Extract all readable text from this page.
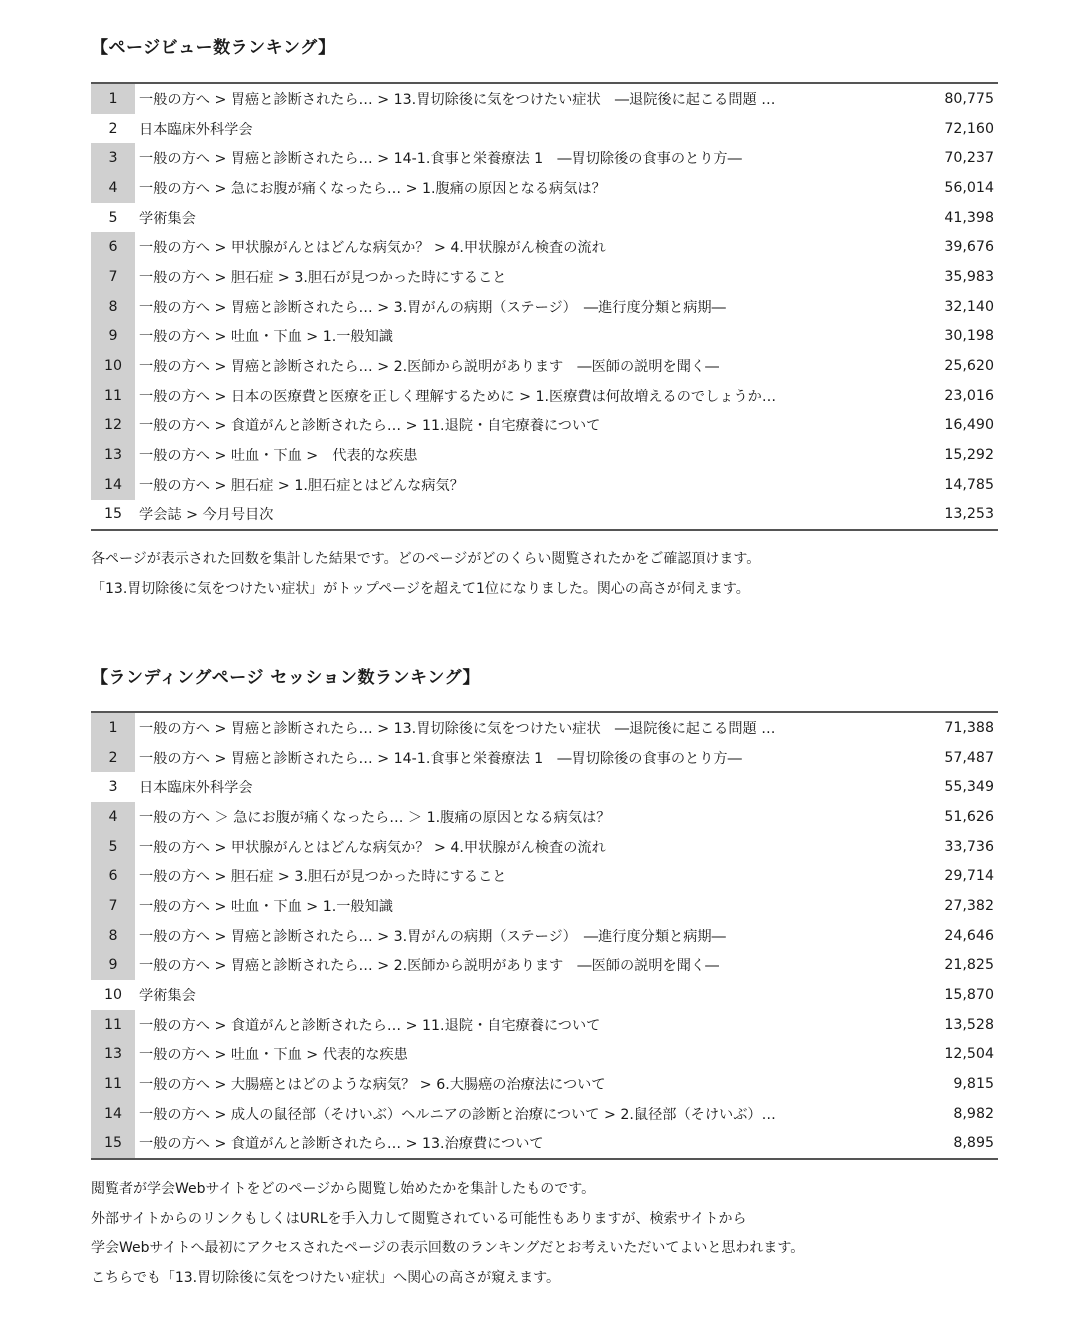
【ページビュー数ランキング】
1	一般の方へ > 胃癌と診断されたら… > 13.胃切除後に気をつけたい症状　―退院後に起こる問題 …	80,775
2	日本臨床外科学会	72,160
3	一般の方へ > 胃癌と診断されたら… > 14-1.食事と栄養療法 1　―胃切除後の食事のとり方―	70,237
4	一般の方へ > 急にお腹が痛くなったら… > 1.腹痛の原因となる病気は？	56,014
5	学術集会	41,398
6	一般の方へ > 甲状腺がんとはどんな病気か？ > 4.甲状腺がん検査の流れ	39,676
7	一般の方へ > 胆石症 > 3.胆石が見つかった時にすること	35,983
8	一般の方へ > 胃癌と診断されたら… > 3.胃がんの病期（ステージ）　―進行度分類と病期―	32,140
9	一般の方へ > 吐血・下血 > 1.一般知識	30,198
10	一般の方へ > 胃癌と診断されたら… > 2.医師から説明があります　―医師の説明を聞く―	25,620
11	一般の方へ > 日本の医療費と医療を正しく理解するために > 1.医療費は何故増えるのでしょうか…	23,016
12	一般の方へ > 食道がんと診断されたら… > 11.退院・自宅療養について	16,490
13	一般の方へ > 吐血・下血 >　代表的な疾患	15,292
14	一般の方へ > 胆石症 > 1.胆石症とはどんな病気？	14,785
15	学会誌 > 今月号目次	13,253
各ページが表示された回数を集計した結果です。どのページがどのくらい閲覧されたかをご確認頂けます。
「13.胃切除後に気をつけたい症状」がトップページを超えて1位になりました。関心の高さが伺えます。
【ランディングページ セッション数ランキング】
1	一般の方へ > 胃癌と診断されたら… > 13.胃切除後に気をつけたい症状　―退院後に起こる問題 …	71,388
2	一般の方へ > 胃癌と診断されたら… > 14-1.食事と栄養療法 1　―胃切除後の食事のとり方―	57,487
3	日本臨床外科学会	55,349
4	一般の方へ ＞ 急にお腹が痛くなったら… ＞ 1.腹痛の原因となる病気は？	51,626
5	一般の方へ > 甲状腺がんとはどんな病気か？ > 4.甲状腺がん検査の流れ	33,736
6	一般の方へ > 胆石症 > 3.胆石が見つかった時にすること	29,714
7	一般の方へ > 吐血・下血 > 1.一般知識	27,382
8	一般の方へ > 胃癌と診断されたら… > 3.胃がんの病期（ステージ）　―進行度分類と病期―	24,646
9	一般の方へ > 胃癌と診断されたら… > 2.医師から説明があります　―医師の説明を聞く―	21,825
10	学術集会	15,870
11	一般の方へ > 食道がんと診断されたら… > 11.退院・自宅療養について	13,528
13	一般の方へ > 吐血・下血 > 代表的な疾患	12,504
11	一般の方へ > 大腸癌とはどのような病気？ > 6.大腸癌の治療法について	9,815
14	一般の方へ > 成人の鼠径部（そけいぶ）ヘルニアの診断と治療について > 2.鼠径部（そけいぶ）…	8,982
15	一般の方へ > 食道がんと診断されたら… > 13.治療費について	8,895
閲覧者が学会Webサイトをどのページから閲覧し始めたかを集計したものです。
外部サイトからのリンクもしくはURLを手入力して閲覧されている可能性もありますが、検索サイトから
学会Webサイトへ最初にアクセスされたページの表示回数のランキングだとお考えいただいてよいと思われます。
こちらでも「13.胃切除後に気をつけたい症状」へ関心の高さが窺えます。
